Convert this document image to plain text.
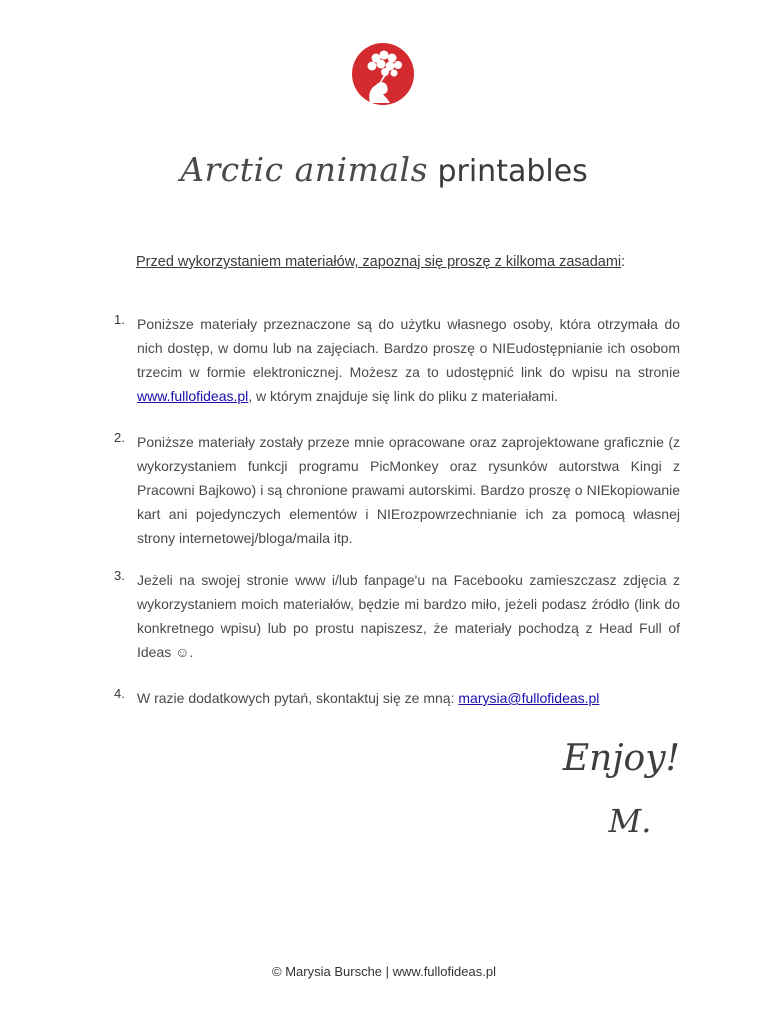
Arctic animals printables
Przed wykorzystaniem materiałów, zapoznaj się proszę z kilkoma zasadami:
1. Poniższe materiały przeznaczone są do użytku własnego osoby, która otrzymała do nich dostęp, w domu lub na zajęciach. Bardzo proszę o NIEudostępnianie ich osobom trzecim w formie elektronicznej. Możesz za to udostępnić link do wpisu na stronie www.fullofideas.pl, w którym znajduje się link do pliku z materiałami.
2. Poniższe materiały zostały przeze mnie opracowane oraz zaprojektowane graficznie (z wykorzystaniem funkcji programu PicMonkey oraz rysunków autorstwa Kingi z Pracowni Bajkowo) i są chronione prawami autorskimi. Bardzo proszę o NIEkopiowanie kart ani pojedynczych elementów i NIErozpowrzechnianie ich za pomocą własnej strony internetowej/bloga/maila itp.
3. Jeżeli na swojej stronie www i/lub fanpage'u na Facebooku zamieszczasz zdjęcia z wykorzystaniem moich materiałów, będzie mi bardzo miło, jeżeli podasz źródło (link do konkretnego wpisu) lub po prostu napiszesz, że materiały pochodzą z Head Full of Ideas ☺.
4. W razie dodatkowych pytań, skontaktuj się ze mną: marysia@fullofideas.pl
Enjoy!
M.
© Marysia Bursche | www.fullofideas.pl
